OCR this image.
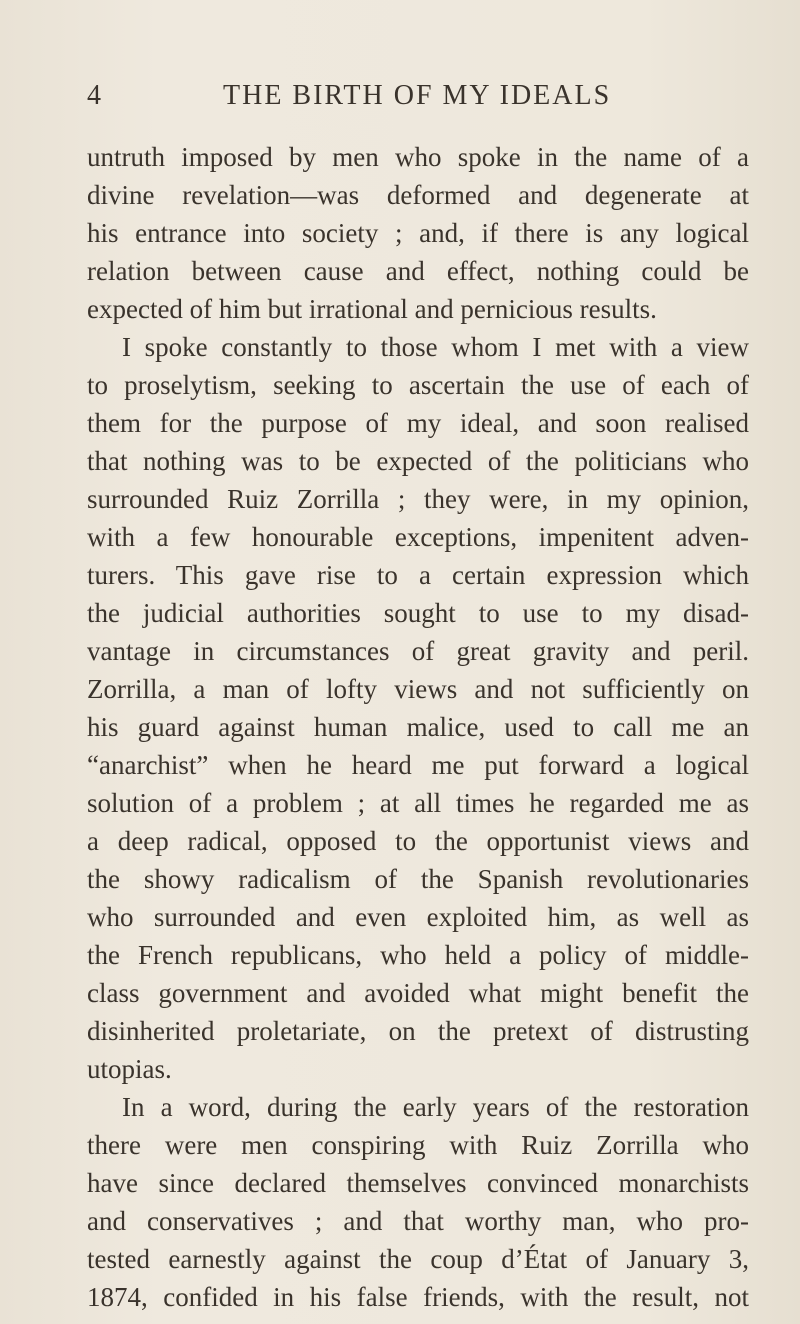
4	THE BIRTH OF MY IDEALS
untruth imposed by men who spoke in the name of a
divine revelation—was deformed and degenerate at
his entrance into society ; and, if there is any logical
relation between cause and effect, nothing could be
expected of him but irrational and pernicious results.
I spoke constantly to those whom I met with a view
to proselytism, seeking to ascertain the use of each of
them for the purpose of my ideal, and soon realised
that nothing was to be expected of the politicians who
surrounded Ruiz Zorrilla ; they were, in my opinion,
with a few honourable exceptions, impenitent adven-
turers. This gave rise to a certain expression which
the judicial authorities sought to use to my disad-
vantage in circumstances of great gravity and peril.
Zorrilla, a man of lofty views and not sufficiently on
his guard against human malice, used to call me an
“anarchist” when he heard me put forward a logical
solution of a problem ; at all times he regarded me as
a deep radical, opposed to the opportunist views and
the showy radicalism of the Spanish revolutionaries
who surrounded and even exploited him, as well as
the French republicans, who held a policy of middle-
class government and avoided what might benefit the
disinherited proletariate, on the pretext of distrusting
utopias.
In a word, during the early years of the restoration
there were men conspiring with Ruiz Zorrilla who
have since declared themselves convinced monarchists
and conservatives ; and that worthy man, who pro-
tested earnestly against the coup d’État of January 3,
1874, confided in his false friends, with the result, not
